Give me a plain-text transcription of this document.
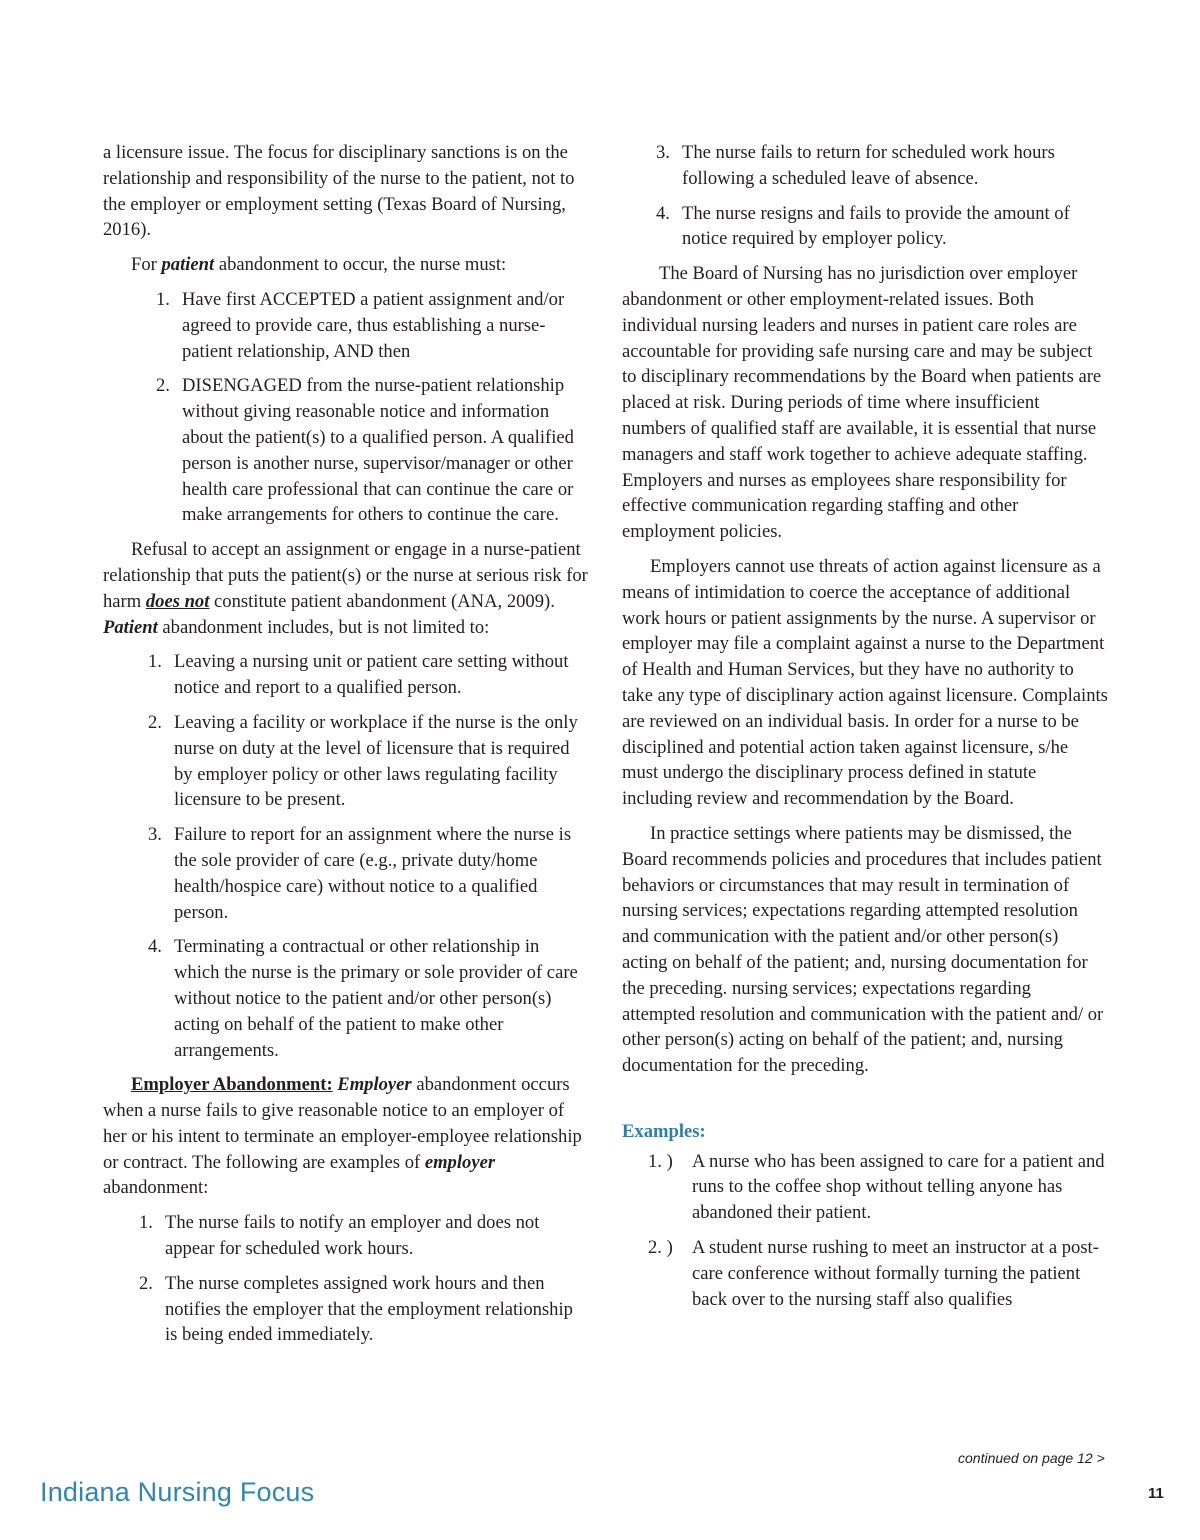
a licensure issue. The focus for disciplinary sanctions is on the relationship and responsibility of the nurse to the patient, not to the employer or employment setting (Texas Board of Nursing, 2016).

For patient abandonment to occur, the nurse must:

1. Have first ACCEPTED a patient assignment and/or agreed to provide care, thus establishing a nurse-patient relationship, AND then
2. DISENGAGED from the nurse-patient relationship without giving reasonable notice and information about the patient(s) to a qualified person. A qualified person is another nurse, supervisor/manager or other health care professional that can continue the care or make arrangements for others to continue the care.

Refusal to accept an assignment or engage in a nurse-patient relationship that puts the patient(s) or the nurse at serious risk for harm does not constitute patient abandonment (ANA, 2009). Patient abandonment includes, but is not limited to:

1. Leaving a nursing unit or patient care setting without notice and report to a qualified person.
2. Leaving a facility or workplace if the nurse is the only nurse on duty at the level of licensure that is required by employer policy or other laws regulating facility licensure to be present.
3. Failure to report for an assignment where the nurse is the sole provider of care (e.g., private duty/home health/hospice care) without notice to a qualified person.
4. Terminating a contractual or other relationship in which the nurse is the primary or sole provider of care without notice to the patient and/or other person(s) acting on behalf of the patient to make other arrangements.

Employer Abandonment: Employer abandonment occurs when a nurse fails to give reasonable notice to an employer of her or his intent to terminate an employer-employee relationship or contract. The following are examples of employer abandonment:

1. The nurse fails to notify an employer and does not appear for scheduled work hours.
2. The nurse completes assigned work hours and then notifies the employer that the employment relationship is being ended immediately.
3. The nurse fails to return for scheduled work hours following a scheduled leave of absence.
4. The nurse resigns and fails to provide the amount of notice required by employer policy.

The Board of Nursing has no jurisdiction over employer abandonment or other employment-related issues. Both individual nursing leaders and nurses in patient care roles are accountable for providing safe nursing care and may be subject to disciplinary recommendations by the Board when patients are placed at risk. During periods of time where insufficient numbers of qualified staff are available, it is essential that nurse managers and staff work together to achieve adequate staffing. Employers and nurses as employees share responsibility for effective communication regarding staffing and other employment policies.

Employers cannot use threats of action against licensure as a means of intimidation to coerce the acceptance of additional work hours or patient assignments by the nurse. A supervisor or employer may file a complaint against a nurse to the Department of Health and Human Services, but they have no authority to take any type of disciplinary action against licensure. Complaints are reviewed on an individual basis. In order for a nurse to be disciplined and potential action taken against licensure, s/he must undergo the disciplinary process defined in statute including review and recommendation by the Board.

In practice settings where patients may be dismissed, the Board recommends policies and procedures that includes patient behaviors or circumstances that may result in termination of nursing services; expectations regarding attempted resolution and communication with the patient and/or other person(s) acting on behalf of the patient; and, nursing documentation for the preceding. nursing services; expectations regarding attempted resolution and communication with the patient and/ or other person(s) acting on behalf of the patient; and, nursing documentation for the preceding.

Examples:
1. )	A nurse who has been assigned to care for a patient and runs to the coffee shop without telling anyone has abandoned their patient.
2. )	A student nurse rushing to meet an instructor at a post-care conference without formally turning the patient back over to the nursing staff also qualifies
continued on page 12 >
Indiana Nursing Focus	11
